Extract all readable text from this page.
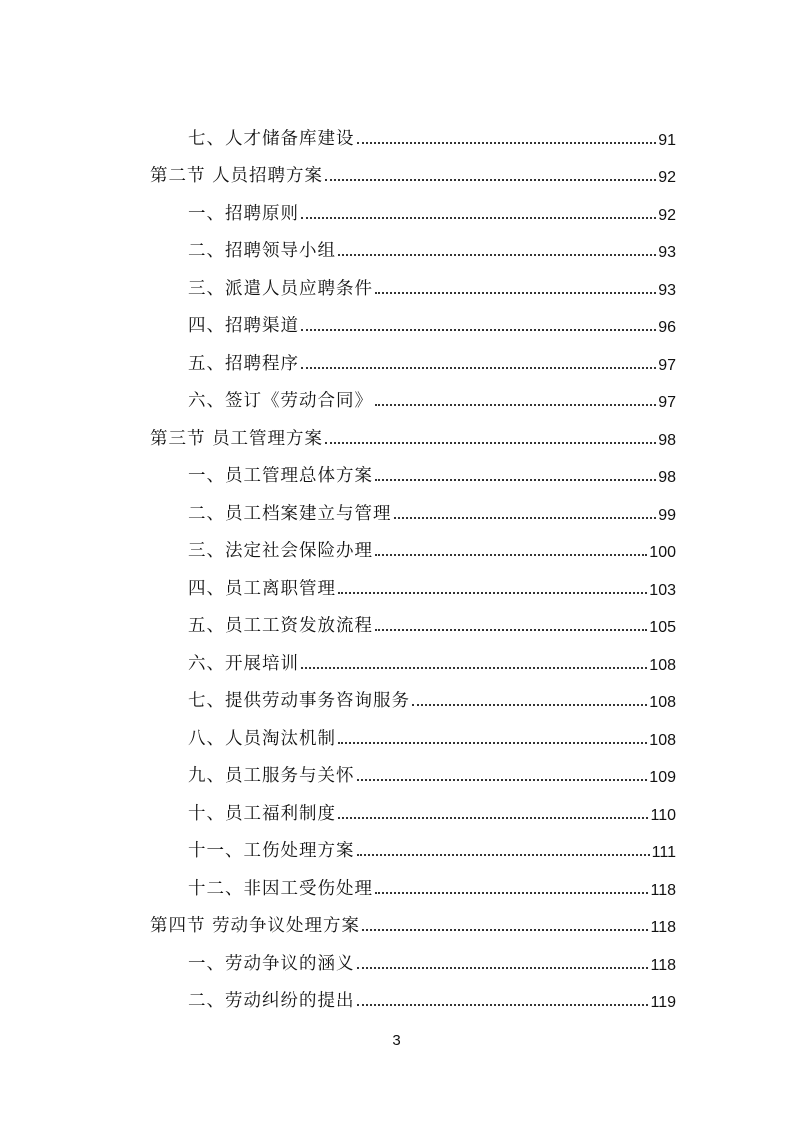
七、人才储备库建设	91
第二节 人员招聘方案	92
一、招聘原则	92
二、招聘领导小组	93
三、派遣人员应聘条件	93
四、招聘渠道	96
五、招聘程序	97
六、签订《劳动合同》	97
第三节 员工管理方案	98
一、员工管理总体方案	98
二、员工档案建立与管理	99
三、法定社会保险办理	100
四、员工离职管理	103
五、员工工资发放流程	105
六、开展培训	108
七、提供劳动事务咨询服务	108
八、人员淘汰机制	108
九、员工服务与关怀	109
十、员工福利制度	110
十一、工伤处理方案	111
十二、非因工受伤处理	118
第四节 劳动争议处理方案	118
一、劳动争议的涵义	118
二、劳动纠纷的提出	119
3
